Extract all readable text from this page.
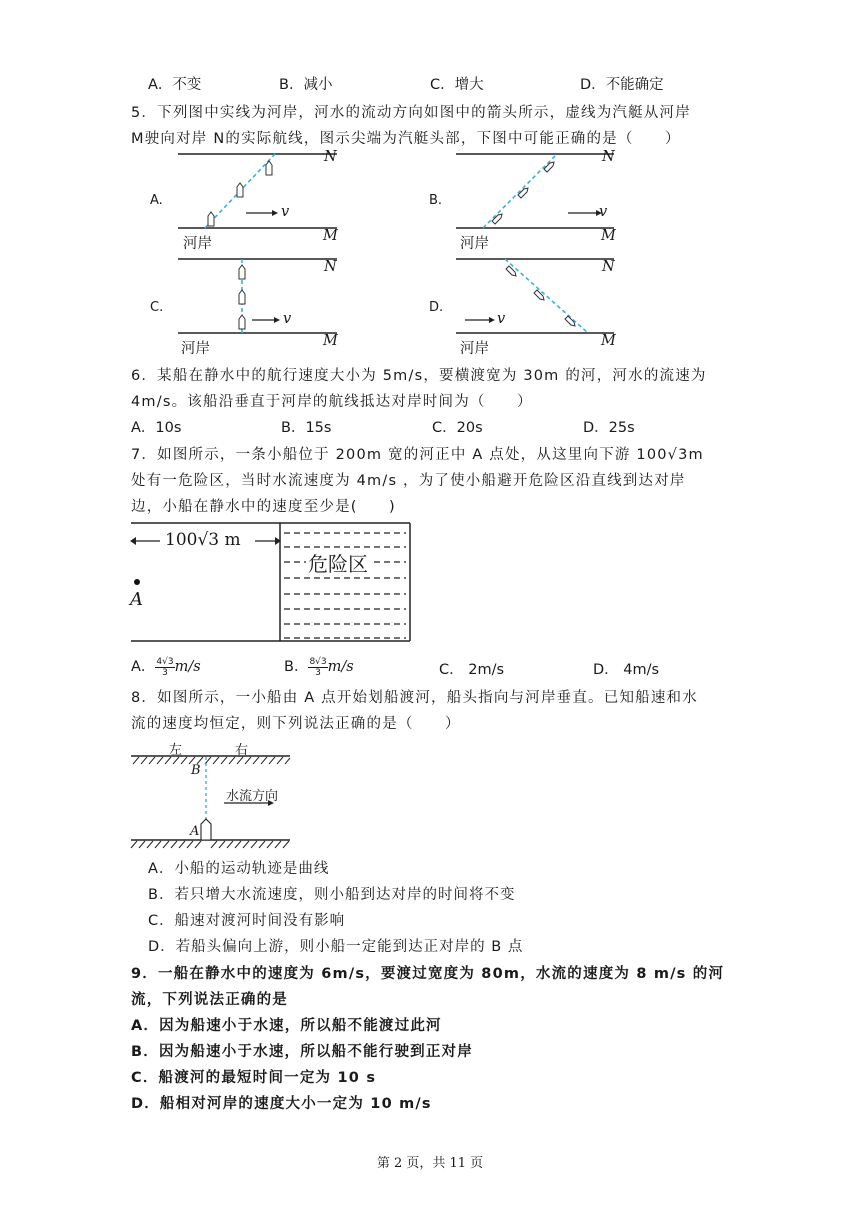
A．不变	B．减小	C．增大	D．不能确定
5．下列图中实线为河岸，河水的流动方向如图中的箭头所示，虚线为汽艇从河岸
M驶向对岸 N的实际航线，图示尖端为汽艇头部，下图中可能正确的是（　　）
A.
N
河岸	M
v
B.
N
河岸	M
v
C.
N
河岸	M
v
D.
N
河岸	M
v
6．某船在静水中的航行速度大小为 5m/s，要横渡宽为 30m 的河，河水的流速为
4m/s。该船沿垂直于河岸的航线抵达对岸时间为（　　）
A．10s	B．15s	C．20s	D．25s
7．如图所示，一条小船位于 200m 宽的河正中 A 点处，从这里向下游 100√3m
处有一危险区，当时水流速度为 4m/s ，为了使小船避开危险区沿直线到达对岸
边，小船在静水中的速度至少是(　　)
100√3 m
危险区
A
A． $\frac{4√3}{3} m/s$	B． $\frac{8√3}{3} m/s$	C． 2m/s	D． 4m/s
8．如图所示，一小船由 A 点开始划船渡河，船头指向与河岸垂直。已知船速和水
流的速度均恒定，则下列说法正确的是（　　）
左	右
B
A
水流方向
A．小船的运动轨迹是曲线
B．若只增大水流速度，则小船到达对岸的时间将不变
C．船速对渡河时间没有影响
D．若船头偏向上游，则小船一定能到达正对岸的 B 点
9．一船在静水中的速度为 6m/s，要渡过宽度为 80m，水流的速度为 8 m/s 的河
流，下列说法正确的是
A．因为船速小于水速，所以船不能渡过此河
B．因为船速小于水速，所以船不能行驶到正对岸
C．船渡河的最短时间一定为 10 s
D．船相对河岸的速度大小一定为 10 m/s
第 2 页，共 11 页
